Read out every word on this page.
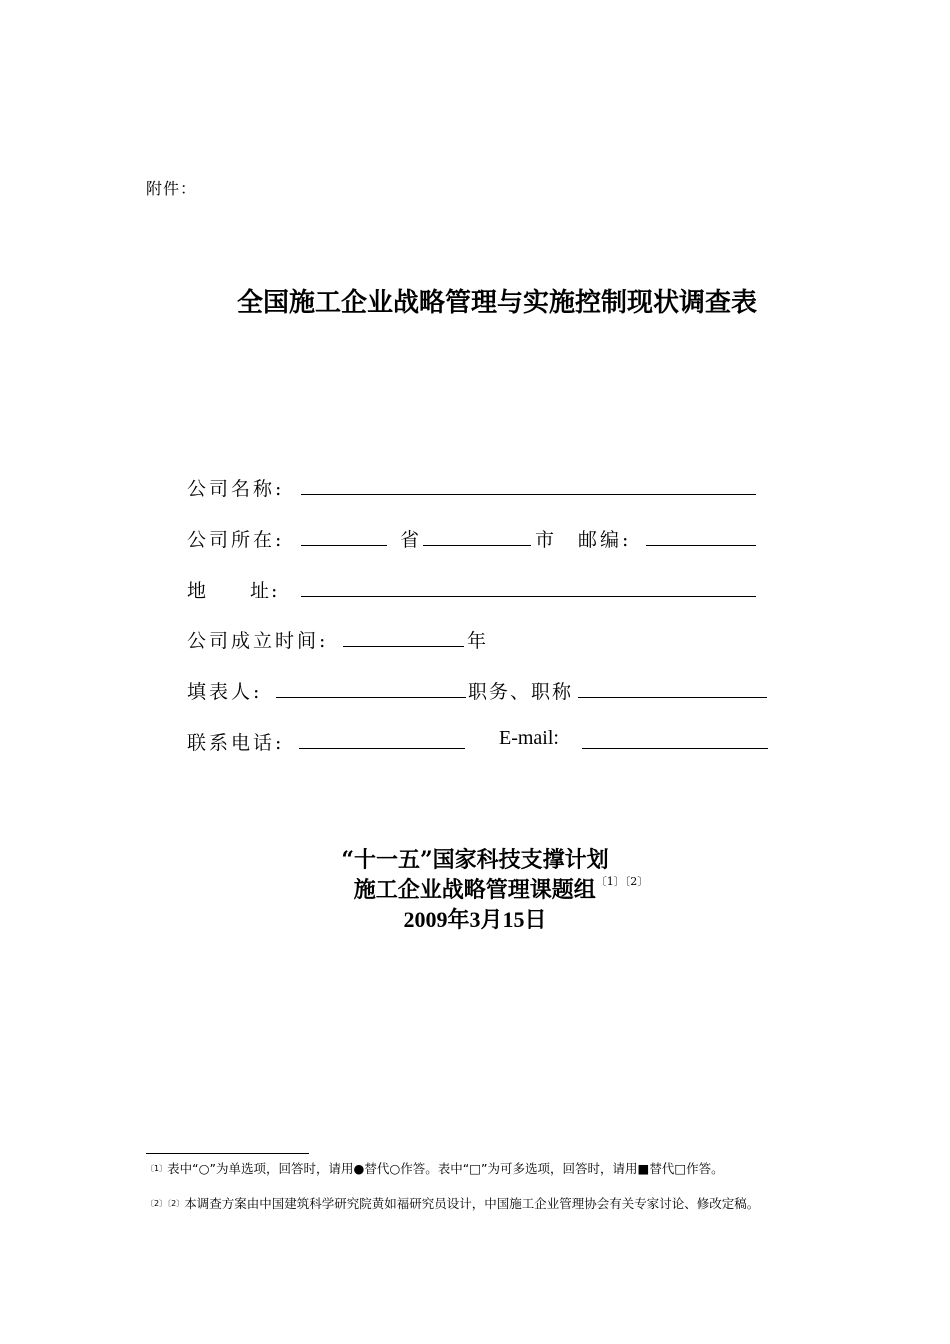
附件：
全国施工企业战略管理与实施控制现状调查表
公司名称:
公司所在:	省	市 邮编:
地　　址:
公司成立时间:	年
填表人:	职务、职称
联系电话:	E-mail:
“十一五”国家科技支撑计划
施工企业战略管理课题组$^{〔1〕〔2〕}$
2009年3月15日
$^{〔1〕}$表中“○”为单选项，回答时，请用●替代○作答。表中“□”为可多选项，回答时，请用■替代□作答。
$^{〔2〕〔2〕}$本调查方案由中国建筑科学研究院黄如福研究员设计，中国施工企业管理协会有关专家讨论、修改定稿。
